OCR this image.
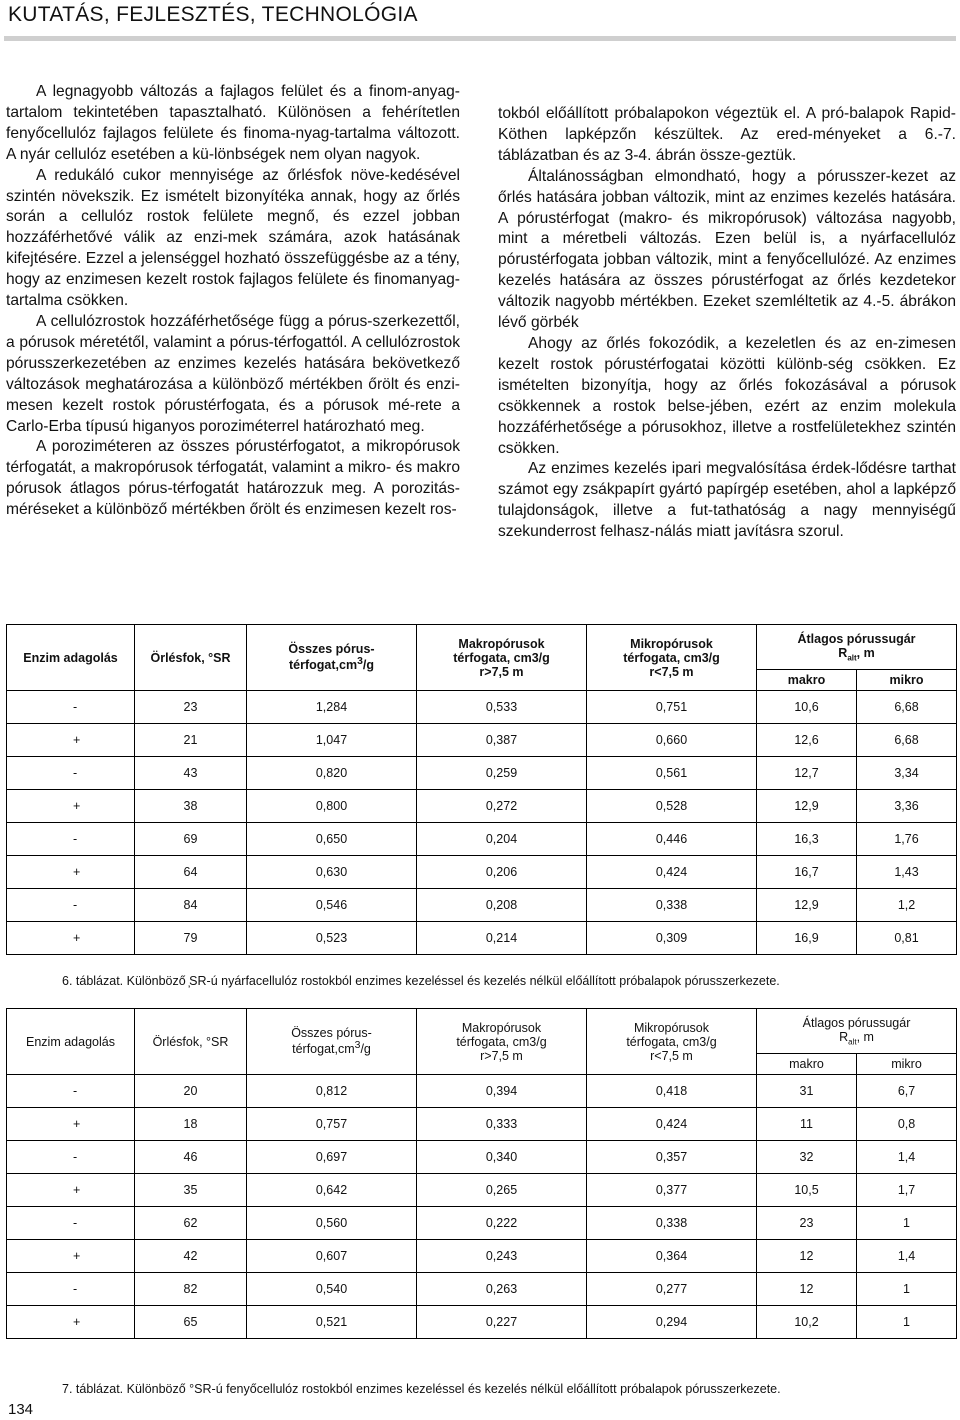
KUTATÁS, FEJLESZTÉS, TECHNOLÓGIA

A legnagyobb változás a fajlagos felület és a finom-anyag-tartalom tekintetében tapasztalható. Különösen a fehérítetlen fenyőcellulóz fajlagos felülete és finoma-nyag-tartalma változott. A nyár cellulóz esetében a kü-lönbségek nem olyan nagyok.

A redukáló cukor mennyisége az őrlésfok növe-kedésével szintén növekszik. Ez ismételt bizonyítéka annak, hogy az őrlés során a cellulóz rostok felülete megnő, és ezzel jobban hozzáférhetővé válik az enzi-mek számára, azok hatásának kifejtésére. Ezzel a jelenséggel hozható összefüggésbe az a tény, hogy az enzimesen kezelt rostok fajlagos felülete és finomanyag-tartalma csökken.

A cellulózrostok hozzáférhetősége függ a pórus-szerkezettől, a pórusok méretétől, valamint a pórus-térfogattól. A cellulózrostok pórusszerkezetében az enzimes kezelés hatására bekövetkező változások meghatározása a különböző mértékben őrölt és enzi-mesen kezelt rostok pórustérfogata, és a pórusok mé-rete a Carlo-Erba típusú higanyos poroziméterrel határozható meg.

A poroziméteren az összes pórustérfogatot, a mikropórusok térfogatát, a makropórusok térfogatát, valamint a mikro- és makro pórusok átlagos pórus-térfogatát határozzuk meg. A porozitás- méréseket a különböző mértékben őrölt és enzimesen kezelt ros-

tokból előállított próbalapokon végeztük el. A pró-balapok Rapid-Köthen lapképzőn készültek. Az ered-ményeket a 6.-7. táblázatban és az 3-4. ábrán össze-geztük.

Általánosságban elmondható, hogy a pórusszer-kezet az őrlés hatására jobban változik, mint az enzimes kezelés hatására. A pórustérfogat (makro- és mikropórusok) változása nagyobb, mint a méretbeli változás. Ezen belül is, a nyárfacellulóz pórustérfogata jobban változik, mint a fenyőcellulózé. Az enzimes kezelés hatására az összes pórustérfogat az őrlés kezdetekor változik nagyobb mértékben. Ezeket szemléltetik az 4.-5. ábrákon lévő görbék

Ahogy az őrlés fokozódik, a kezeletlen és az en-zimesen kezelt rostok pórustérfogatai közötti különb-ség csökken. Ez ismételten bizonyítja, hogy az őrlés fokozásával a pórusok csökkennek a rostok belse-jében, ezért az enzim molekula hozzáférhetősége a pórusokhoz, illetve a rostfelületekhez szintén csökken.

Az enzimes kezelés ipari megvalósítása érdek-lődésre tarthat számot egy zsákpapírt gyártó papírgép esetében, ahol a lapképző tulajdonságok, illetve a fut-tathatóság a nagy mennyiségű szekunderrost felhasz-nálás miatt javításra szorul.

Enzim adagolás	Örlésfok, °SR	Összes pórus-
$térfogat,cm^3/g$	Makropórusok
térfogata, cm3/g
r>7,5 m	Mikropórusok
térfogata, cm3/g
r<7,5 m	Átlagos pórussugár
$R_{alt}$, m	
					makro	mikro
-	23	1,284	0,533	0,751	10,6	6,68
+	21	1,047	0,387	0,660	12,6	6,68
-	43	0,820	0,259	0,561	12,7	3,34
+	38	0,800	0,272	0,528	12,9	3,36
-	69	0,650	0,204	0,446	16,3	1,76
+	64	0,630	0,206	0,424	16,7	1,43
-	84	0,546	0,208	0,338	12,9	1,2
+	79	0,523	0,214	0,309	16,9	0,81
6. táblázat. Különböző ̦SR-ú nyárfacellulóz rostokból enzimes kezeléssel és kezelés nélkül előállított próbalapok pórusszerkezete.
Enzim adagolás	Örlésfok, °SR	Összes pórus-
$térfogat,cm^3/g$	Makropórusok
térfogata, cm3/g
r>7,5 m	Mikropórusok
térfogata, cm3/g
r<7,5 m	Átlagos pórussugár
$R_{alt}$, m	
					makro	mikro
-	20	0,812	0,394	0,418	31	6,7
+	18	0,757	0,333	0,424	11	0,8
-	46	0,697	0,340	0,357	32	1,4
+	35	0,642	0,265	0,377	10,5	1,7
-	62	0,560	0,222	0,338	23	1
+	42	0,607	0,243	0,364	12	1,4
-	82	0,540	0,263	0,277	12	1
+	65	0,521	0,227	0,294	10,2	1
7. táblázat. Különböző °SR-ú fenyőcellulóz rostokból enzimes kezeléssel és kezelés nélkül előállított próbalapok pórusszerkezete.
134
